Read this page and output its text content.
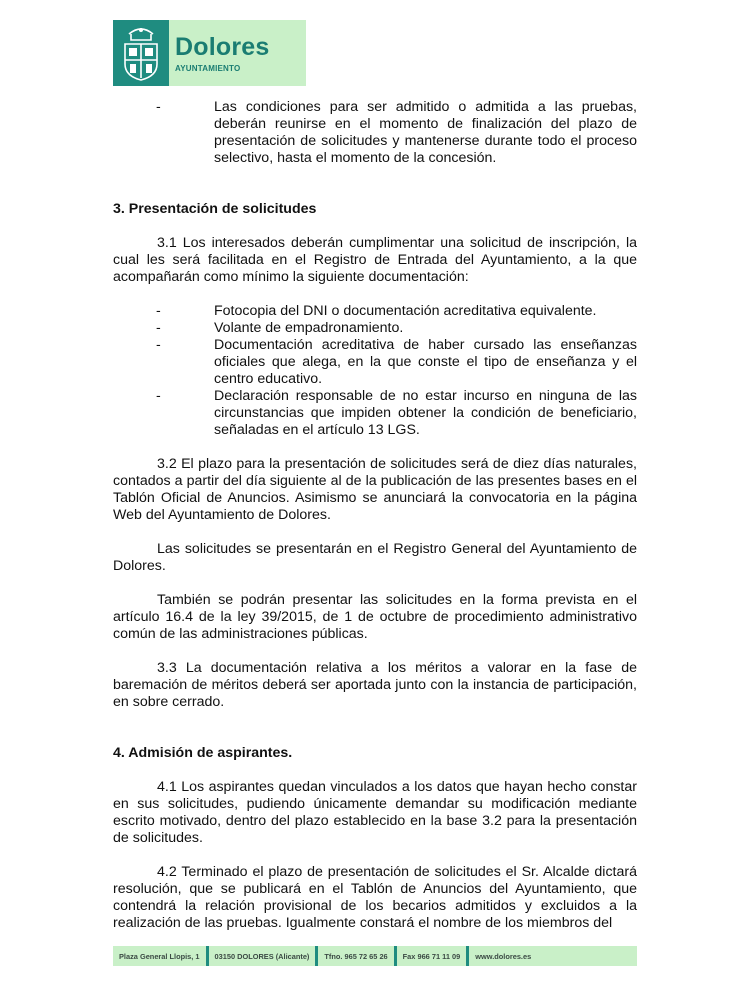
Dolores
AYUNTAMIENTO
-	Las condiciones para ser admitido o admitida a las pruebas, deberán reunirse en el momento de finalización del plazo de presentación de solicitudes y mantenerse durante todo el proceso selectivo, hasta el momento de la concesión.

3. Presentación de solicitudes

3.1 Los interesados deberán cumplimentar una solicitud de inscripción, la cual les será facilitada en el Registro de Entrada del Ayuntamiento, a la que acompañarán como mínimo la siguiente documentación:

-	Fotocopia del DNI o documentación acreditativa equivalente.
-	Volante de empadronamiento.
-	Documentación acreditativa de haber cursado las enseñanzas oficiales que alega, en la que conste el tipo de enseñanza y el centro educativo.
-	Declaración responsable de no estar incurso en ninguna de las circunstancias que impiden obtener la condición de beneficiario, señaladas en el artículo 13 LGS.

3.2 El plazo para la presentación de solicitudes será de diez días naturales, contados a partir del día siguiente al de la publicación de las presentes bases en el Tablón Oficial de Anuncios. Asimismo se anunciará la convocatoria en la página Web del Ayuntamiento de Dolores.

Las solicitudes se presentarán en el Registro General del Ayuntamiento de Dolores.

También se podrán presentar las solicitudes en la forma prevista en el artículo 16.4 de la ley 39/2015, de 1 de octubre de procedimiento administrativo común de las administraciones públicas.

3.3 La documentación relativa a los méritos a valorar en la fase de baremación de méritos deberá ser aportada junto con la instancia de participación, en sobre cerrado.

4. Admisión de aspirantes.

4.1 Los aspirantes quedan vinculados a los datos que hayan hecho constar en sus solicitudes, pudiendo únicamente demandar su modificación mediante escrito motivado, dentro del plazo establecido en la base 3.2 para la presentación de solicitudes.

4.2 Terminado el plazo de presentación de solicitudes el Sr. Alcalde dictará resolución, que se publicará en el Tablón de Anuncios del Ayuntamiento, que contendrá la relación provisional de los becarios admitidos y excluidos a la realización de las pruebas. Igualmente constará el nombre de los miembros del

Plaza General Llopis, 1	03150 DOLORES (Alicante)	Tfno. 965 72 65 26	Fax 966 71 11 09	www.dolores.es
